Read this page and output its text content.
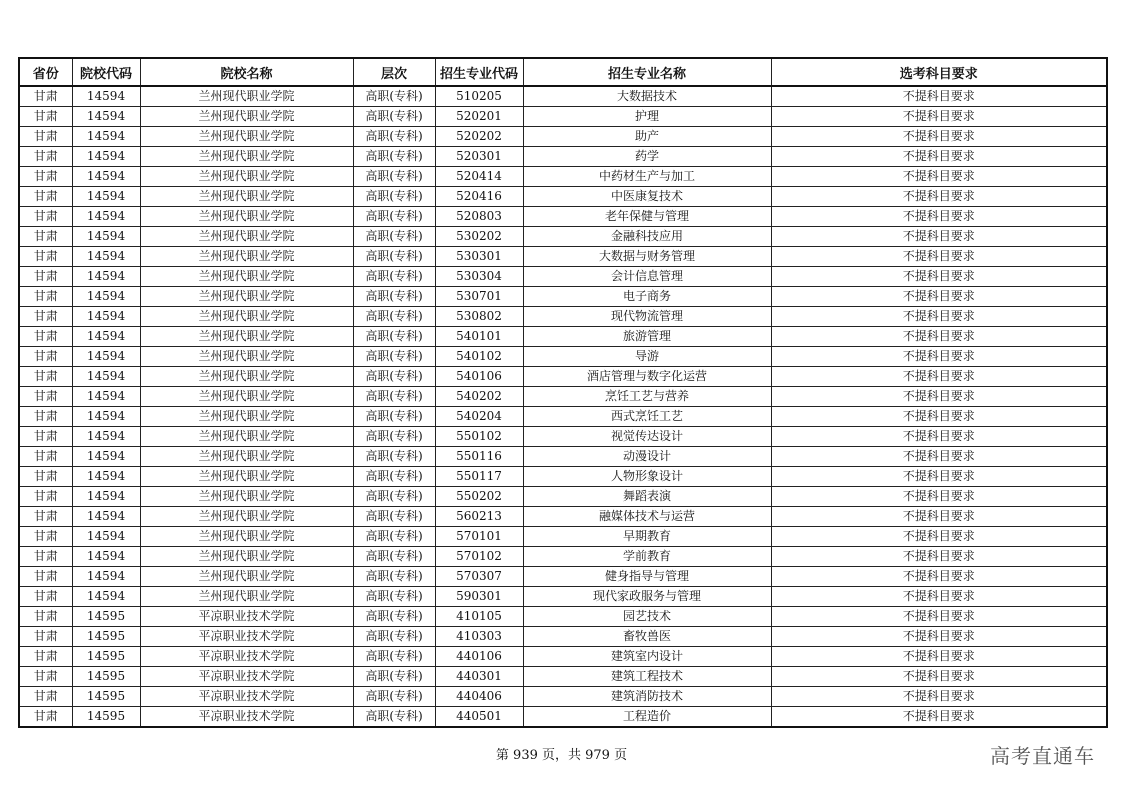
省份	院校代码	院校名称	层次	招生专业代码	招生专业名称	选考科目要求
甘肃	14594	兰州现代职业学院	高职(专科)	510205	大数据技术	不提科目要求
甘肃	14594	兰州现代职业学院	高职(专科)	520201	护理	不提科目要求
甘肃	14594	兰州现代职业学院	高职(专科)	520202	助产	不提科目要求
甘肃	14594	兰州现代职业学院	高职(专科)	520301	药学	不提科目要求
甘肃	14594	兰州现代职业学院	高职(专科)	520414	中药材生产与加工	不提科目要求
甘肃	14594	兰州现代职业学院	高职(专科)	520416	中医康复技术	不提科目要求
甘肃	14594	兰州现代职业学院	高职(专科)	520803	老年保健与管理	不提科目要求
甘肃	14594	兰州现代职业学院	高职(专科)	530202	金融科技应用	不提科目要求
甘肃	14594	兰州现代职业学院	高职(专科)	530301	大数据与财务管理	不提科目要求
甘肃	14594	兰州现代职业学院	高职(专科)	530304	会计信息管理	不提科目要求
甘肃	14594	兰州现代职业学院	高职(专科)	530701	电子商务	不提科目要求
甘肃	14594	兰州现代职业学院	高职(专科)	530802	现代物流管理	不提科目要求
甘肃	14594	兰州现代职业学院	高职(专科)	540101	旅游管理	不提科目要求
甘肃	14594	兰州现代职业学院	高职(专科)	540102	导游	不提科目要求
甘肃	14594	兰州现代职业学院	高职(专科)	540106	酒店管理与数字化运营	不提科目要求
甘肃	14594	兰州现代职业学院	高职(专科)	540202	烹饪工艺与营养	不提科目要求
甘肃	14594	兰州现代职业学院	高职(专科)	540204	西式烹饪工艺	不提科目要求
甘肃	14594	兰州现代职业学院	高职(专科)	550102	视觉传达设计	不提科目要求
甘肃	14594	兰州现代职业学院	高职(专科)	550116	动漫设计	不提科目要求
甘肃	14594	兰州现代职业学院	高职(专科)	550117	人物形象设计	不提科目要求
甘肃	14594	兰州现代职业学院	高职(专科)	550202	舞蹈表演	不提科目要求
甘肃	14594	兰州现代职业学院	高职(专科)	560213	融媒体技术与运营	不提科目要求
甘肃	14594	兰州现代职业学院	高职(专科)	570101	早期教育	不提科目要求
甘肃	14594	兰州现代职业学院	高职(专科)	570102	学前教育	不提科目要求
甘肃	14594	兰州现代职业学院	高职(专科)	570307	健身指导与管理	不提科目要求
甘肃	14594	兰州现代职业学院	高职(专科)	590301	现代家政服务与管理	不提科目要求
甘肃	14595	平凉职业技术学院	高职(专科)	410105	园艺技术	不提科目要求
甘肃	14595	平凉职业技术学院	高职(专科)	410303	畜牧兽医	不提科目要求
甘肃	14595	平凉职业技术学院	高职(专科)	440106	建筑室内设计	不提科目要求
甘肃	14595	平凉职业技术学院	高职(专科)	440301	建筑工程技术	不提科目要求
甘肃	14595	平凉职业技术学院	高职(专科)	440406	建筑消防技术	不提科目要求
甘肃	14595	平凉职业技术学院	高职(专科)	440501	工程造价	不提科目要求
第 939 页，共 979 页	高考直通车
